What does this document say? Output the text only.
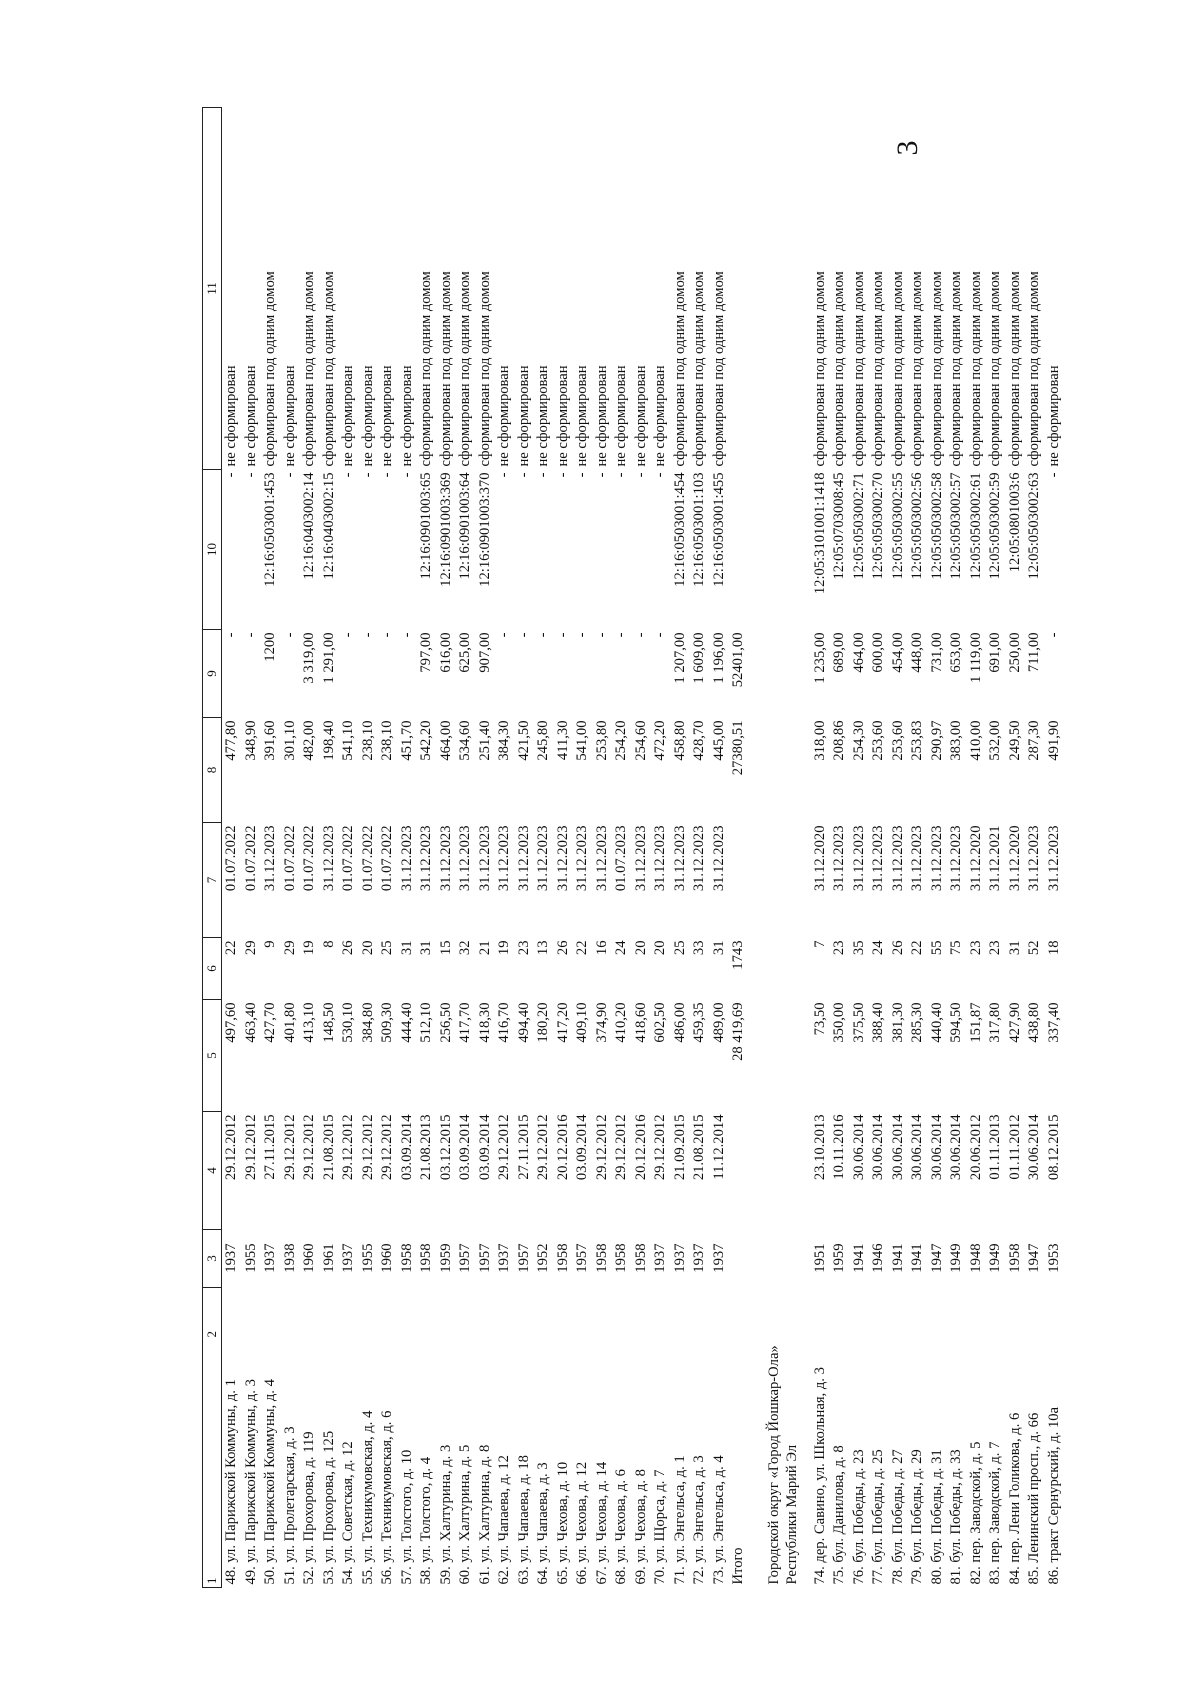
3
1
2	3	4	5	6	7	8	9	10	11
48. ул. Парижской Коммуны, д. 1	1937	29.12.2012	497,60	22	01.07.2022	477,80	-	-	не сформирован
49. ул. Парижской Коммуны, д. 3	1955	29.12.2012	463,40	29	01.07.2022	348,90	-	-	не сформирован
50. ул. Парижской Коммуны, д. 4	1937	27.11.2015	427,70	9	31.12.2023	391,60	1200	12:16:0503001:453	сформирован под одним домом
51. ул. Пролетарская, д. 3	1938	29.12.2012	401,80	29	01.07.2022	301,10	-	-	не сформирован
52. ул. Прохорова, д. 119	1960	29.12.2012	413,10	19	01.07.2022	482,00	3 319,00	12:16:0403002:14	сформирован под одним домом
53. ул. Прохорова, д. 125	1961	21.08.2015	148,50	8	31.12.2023	198,40	1 291,00	12:16:0403002:15	сформирован под одним домом
54. ул. Советская, д. 12	1937	29.12.2012	530,10	26	01.07.2022	541,10	-	-	не сформирован
55. ул. Техникумовская, д. 4	1955	29.12.2012	384,80	20	01.07.2022	238,10	-	-	не сформирован
56. ул. Техникумовская, д. 6	1960	29.12.2012	509,30	25	01.07.2022	238,10	-	-	не сформирован
57. ул. Толстого, д. 10	1958	03.09.2014	444,40	31	31.12.2023	451,70	-	-	не сформирован
58. ул. Толстого, д. 4	1958	21.08.2013	512,10	31	31.12.2023	542,20	797,00	12:16:0901003:65	сформирован под одним домом
59. ул. Халтурина, д. 3	1959	03.12.2015	256,50	15	31.12.2023	464,00	616,00	12:16:0901003:369	сформирован под одним домом
60. ул. Халтурина, д. 5	1957	03.09.2014	417,70	32	31.12.2023	534,60	625,00	12:16:0901003:64	сформирован под одним домом
61. ул. Халтурина, д. 8	1957	03.09.2014	418,30	21	31.12.2023	251,40	907,00	12:16:0901003:370	сформирован под одним домом
62. ул. Чапаева, д. 12	1937	29.12.2012	416,70	19	31.12.2023	384,30	-	-	не сформирован
63. ул. Чапаева, д. 18	1957	27.11.2015	494,40	23	31.12.2023	421,50	-	-	не сформирован
64. ул. Чапаева, д. 3	1952	29.12.2012	180,20	13	31.12.2023	245,80	-	-	не сформирован
65. ул. Чехова, д. 10	1958	20.12.2016	417,20	26	31.12.2023	411,30	-	-	не сформирован
66. ул. Чехова, д. 12	1957	03.09.2014	409,10	22	31.12.2023	541,00	-	-	не сформирован
67. ул. Чехова, д. 14	1958	29.12.2012	374,90	16	31.12.2023	253,80	-	-	не сформирован
68. ул. Чехова, д. 6	1958	29.12.2012	410,20	24	01.07.2023	254,20	-	-	не сформирован
69. ул. Чехова, д. 8	1958	20.12.2016	418,60	20	31.12.2023	254,60	-	-	не сформирован
70. ул. Щорса, д. 7	1937	29.12.2012	602,50	20	31.12.2023	472,20	-	-	не сформирован
71. ул. Энгельса, д. 1	1937	21.09.2015	486,00	25	31.12.2023	458,80	1 207,00	12:16:0503001:454	сформирован под одним домом
72. ул. Энгельса, д. 3	1937	21.08.2015	459,35	33	31.12.2023	428,70	1 609,00	12:16:0503001:103	сформирован под одним домом
73. ул. Энгельса, д. 4	1937	11.12.2014	489,00	31	31.12.2023	445,00	1 196,00	12:16:0503001:455	сформирован под одним домом
Итого			28 419,69	1743		27380,51	52401,00		
Городской округ «Город Йошкар-Ола» Республики Марий Эл									

74. дер. Савино, ул. Школьная, д. 3	1951	23.10.2013	73,50	7	31.12.2020	318,00	1 235,00	12:05:3101001:1418	сформирован под одним домом
75. бул. Данилова, д. 8	1959	10.11.2016	350,00	23	31.12.2023	208,86	689,00	12:05:0703008:45	сформирован под одним домом
76. бул. Победы, д. 23	1941	30.06.2014	375,50	35	31.12.2023	254,30	464,00	12:05:0503002:71	сформирован под одним домом
77. бул. Победы, д. 25	1946	30.06.2014	388,40	24	31.12.2023	253,60	600,00	12:05:0503002:70	сформирован под одним домом
78. бул. Победы, д. 27	1941	30.06.2014	381,30	26	31.12.2023	253,60	454,00	12:05:0503002:55	сформирован под одним домом
79. бул. Победы, д. 29	1941	30.06.2014	285,30	22	31.12.2023	253,83	448,00	12:05:0503002:56	сформирован под одним домом
80. бул. Победы, д. 31	1947	30.06.2014	440,40	55	31.12.2023	290,97	731,00	12:05:0503002:58	сформирован под одним домом
81. бул. Победы, д. 33	1949	30.06.2014	594,50	75	31.12.2023	383,00	653,00	12:05:0503002:57	сформирован под одним домом
82. пер. Заводской, д. 5	1948	20.06.2012	151,87	23	31.12.2020	410,00	1 119,00	12:05:0503002:61	сформирован под одним домом
83. пер. Заводской, д. 7	1949	01.11.2013	317,80	23	31.12.2021	532,00	691,00	12:05:0503002:59	сформирован под одним домом
84. пер. Лени Голикова, д. 6	1958	01.11.2012	427,90	31	31.12.2020	249,50	250,00	12:05:0801003:6	сформирован под одним домом
85. Ленинский просп., д. 66	1947	30.06.2014	438,80	52	31.12.2023	287,30	711,00	12:05:0503002:63	сформирован под одним домом
86. тракт Сернурский, д. 10а	1953	08.12.2015	337,40	18	31.12.2023	491,90	-	-	не сформирован
